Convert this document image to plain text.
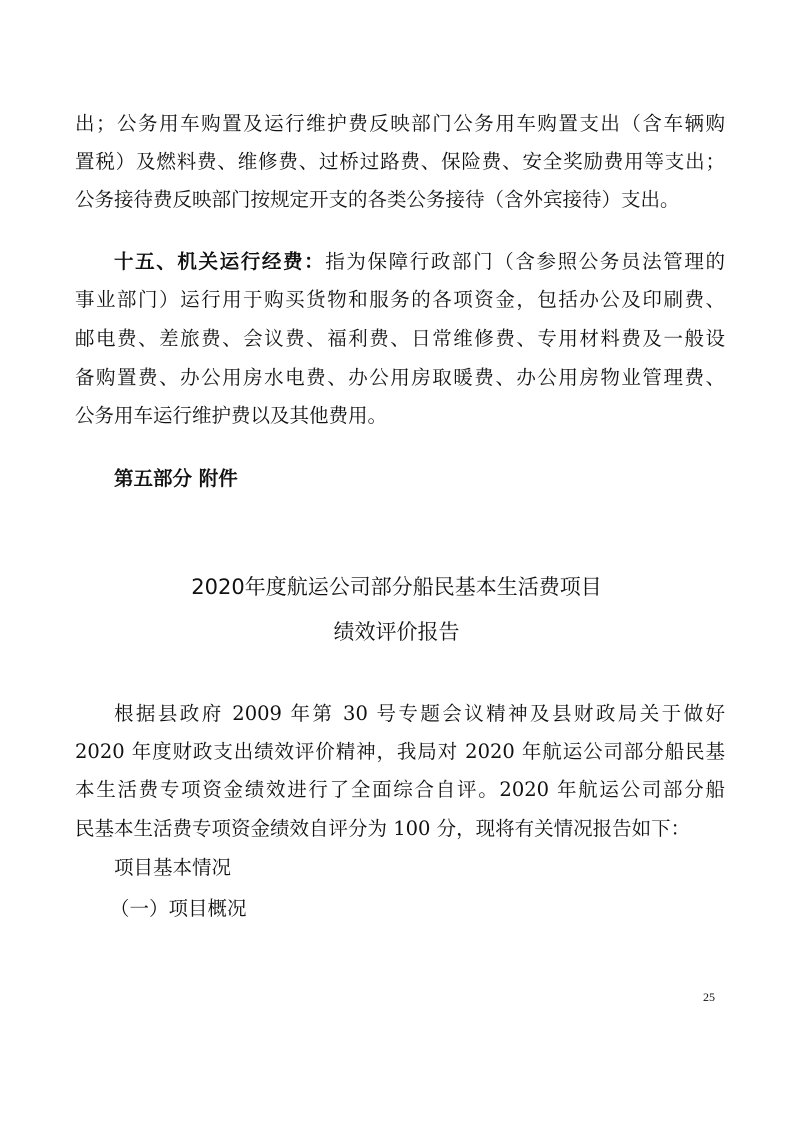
出；公务用车购置及运行维护费反映部门公务用车购置支出（含车辆购
置税）及燃料费、维修费、过桥过路费、保险费、安全奖励费用等支出；
公务接待费反映部门按规定开支的各类公务接待（含外宾接待）支出。
十五、机关运行经费：指为保障行政部门（含参照公务员法管理的
事业部门）运行用于购买货物和服务的各项资金，包括办公及印刷费、
邮电费、差旅费、会议费、福利费、日常维修费、专用材料费及一般设
备购置费、办公用房水电费、办公用房取暖费、办公用房物业管理费、
公务用车运行维护费以及其他费用。
第五部分 附件
2020年度航运公司部分船民基本生活费项目
绩效评价报告
根据县政府 2009 年第 30 号专题会议精神及县财政局关于做好
2020 年度财政支出绩效评价精神，我局对 2020 年航运公司部分船民基
本生活费专项资金绩效进行了全面综合自评。2020 年航运公司部分船
民基本生活费专项资金绩效自评分为 100 分，现将有关情况报告如下：
项目基本情况
（一）项目概况
25
